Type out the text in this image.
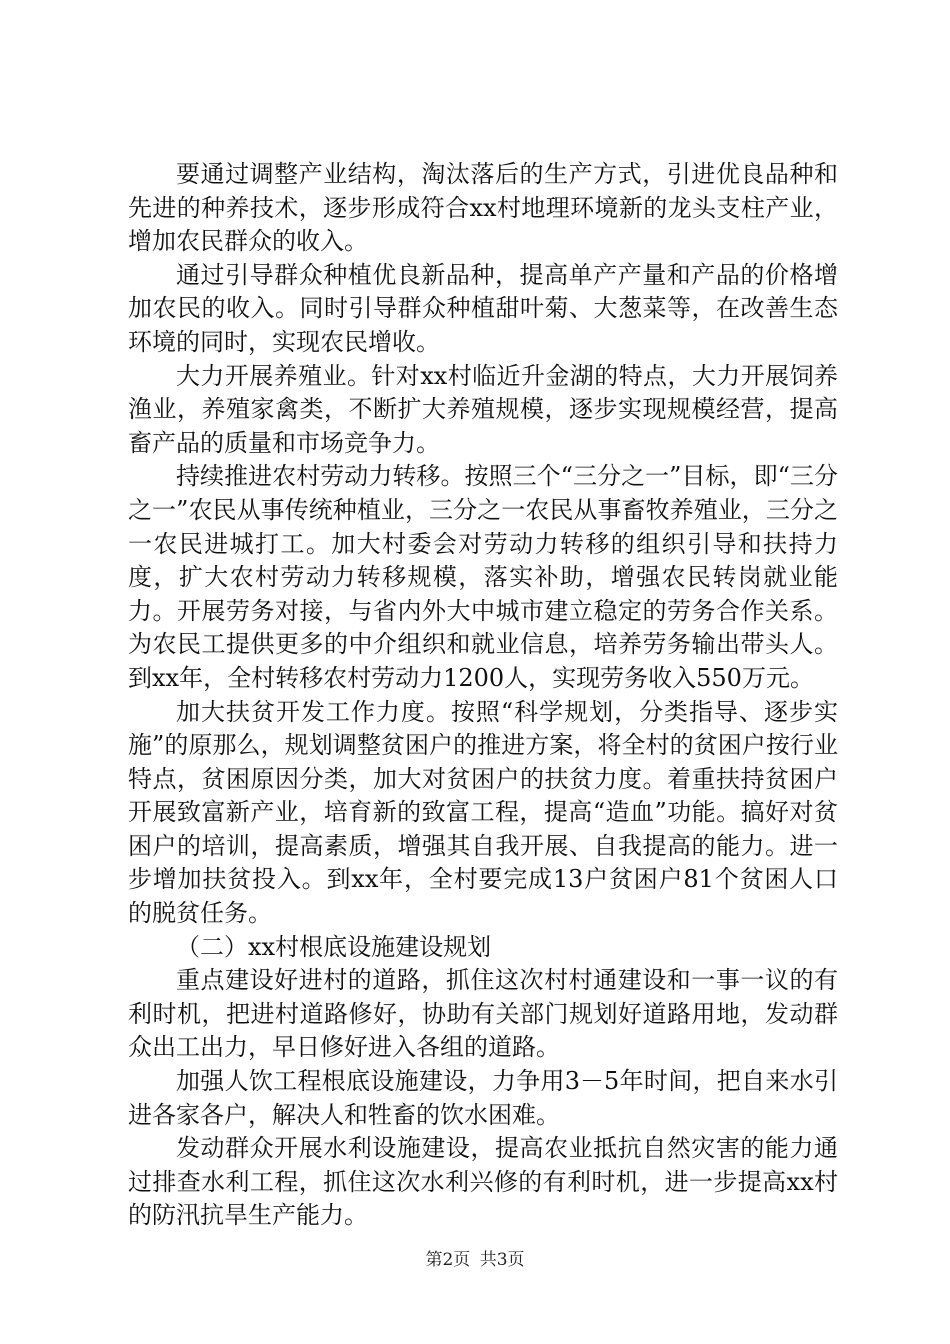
要通过调整产业结构，淘汰落后的生产方式，引进优良品种和先进的种养技术，逐步形成符合xx村地理环境新的龙头支柱产业，增加农民群众的收入。

通过引导群众种植优良新品种，提高单产产量和产品的价格增加农民的收入。同时引导群众种植甜叶菊、大葱菜等，在改善生态环境的同时，实现农民增收。

大力开展养殖业。针对xx村临近升金湖的特点，大力开展饲养渔业，养殖家禽类，不断扩大养殖规模，逐步实现规模经营，提高畜产品的质量和市场竞争力。

持续推进农村劳动力转移。按照三个“三分之一”目标，即“三分之一”农民从事传统种植业，三分之一农民从事畜牧养殖业，三分之一农民进城打工。加大村委会对劳动力转移的组织引导和扶持力度，扩大农村劳动力转移规模，落实补助，增强农民转岗就业能力。开展劳务对接，与省内外大中城市建立稳定的劳务合作关系。为农民工提供更多的中介组织和就业信息，培养劳务输出带头人。到xx年，全村转移农村劳动力1200人，实现劳务收入550万元。

加大扶贫开发工作力度。按照“科学规划，分类指导、逐步实施”的原那么，规划调整贫困户的推进方案，将全村的贫困户按行业特点，贫困原因分类，加大对贫困户的扶贫力度。着重扶持贫困户开展致富新产业，培育新的致富工程，提高“造血”功能。搞好对贫困户的培训，提高素质，增强其自我开展、自我提高的能力。进一步增加扶贫投入。到xx年，全村要完成13户贫困户81个贫困人口的脱贫任务。

（二）xx村根底设施建设规划

重点建设好进村的道路，抓住这次村村通建设和一事一议的有利时机，把进村道路修好，协助有关部门规划好道路用地，发动群众出工出力，早日修好进入各组的道路。

加强人饮工程根底设施建设，力争用3－5年时间，把自来水引进各家各户，解决人和牲畜的饮水困难。

发动群众开展水利设施建设，提高农业抵抗自然灾害的能力通过排查水利工程，抓住这次水利兴修的有利时机，进一步提高xx村的防汛抗旱生产能力。

第2页 共3页
